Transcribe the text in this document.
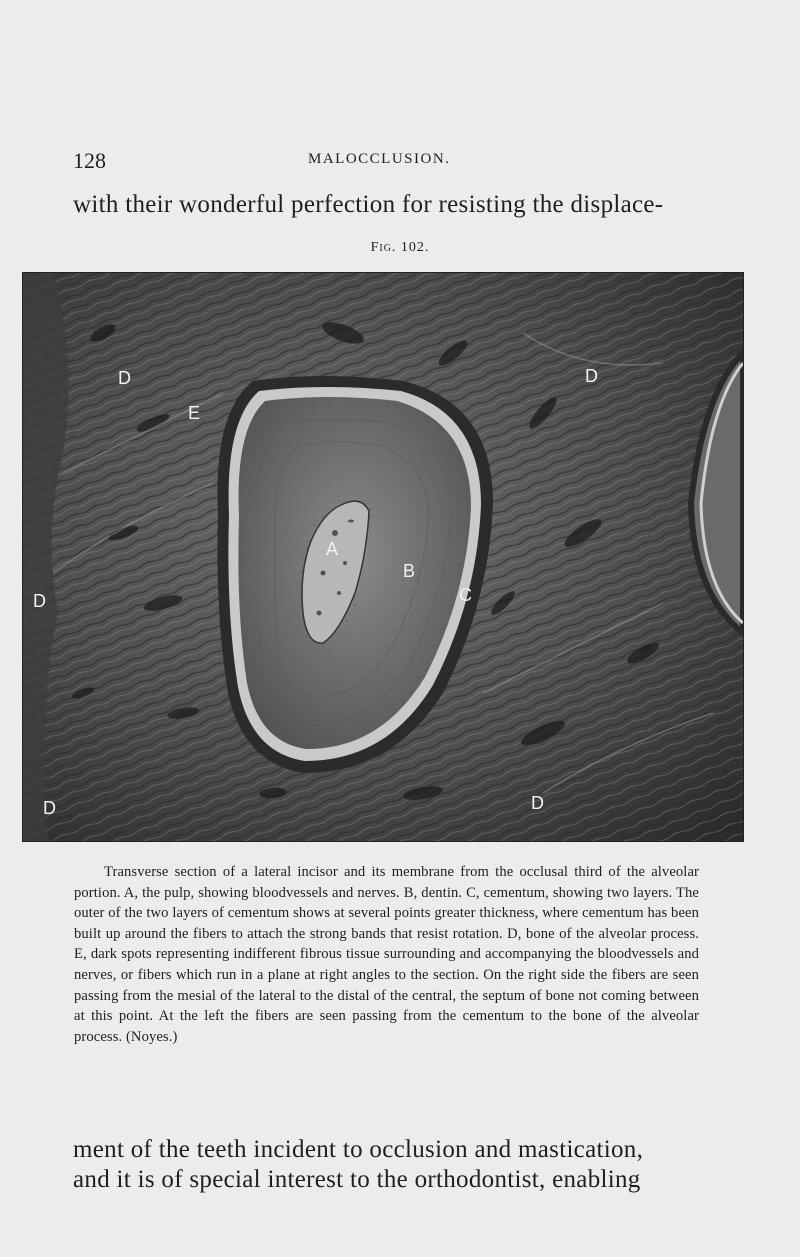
128	MALOCCLUSION.
with their wonderful perfection for resisting the displace-
Fig. 102.
D	D
D
D	D
E
A
B
C
Transverse section of a lateral incisor and its membrane from the occlusal third of the alveolar portion. A, the pulp, showing bloodvessels and nerves. B, dentin. C, cementum, showing two layers. The outer of the two layers of cementum shows at several points greater thickness, where cementum has been built up around the fibers to attach the strong bands that resist rotation. D, bone of the alveolar process. E, dark spots representing indifferent fibrous tissue surrounding and accompanying the bloodvessels and nerves, or fibers which run in a plane at right angles to the section. On the right side the fibers are seen passing from the mesial of the lateral to the distal of the central, the septum of bone not coming between at this point. At the left the fibers are seen passing from the cementum to the bone of the alveolar process. (Noyes.)
ment of the teeth incident to occlusion and mastication,
and it is of special interest to the orthodontist, enabling
